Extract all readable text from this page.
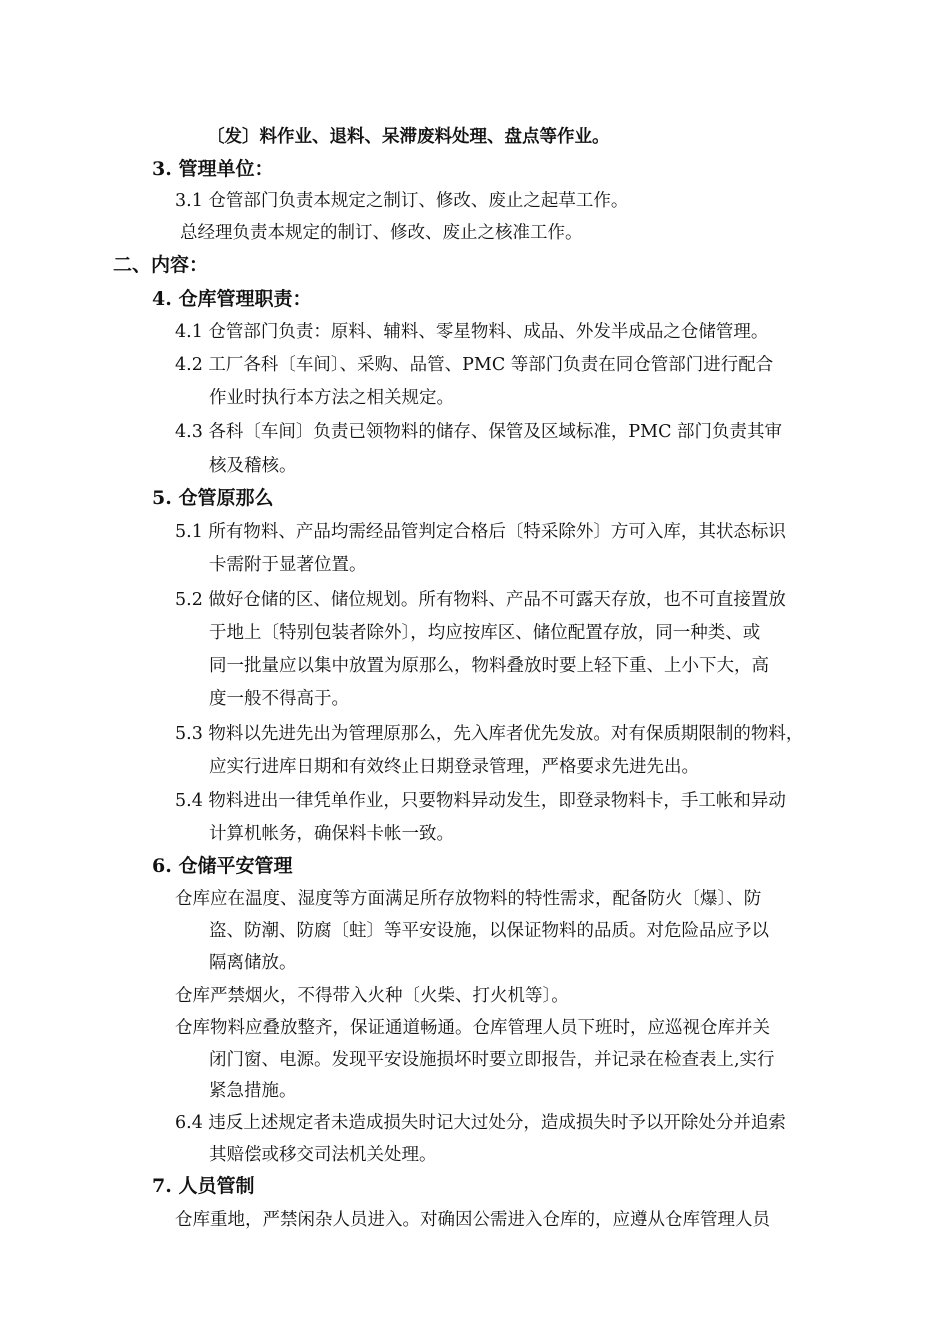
〔发〕料作业、退料、呆滞废料处理、盘点等作业。
3. 管理单位：
3.1 仓管部门负责本规定之制订、修改、废止之起草工作。
总经理负责本规定的制订、修改、废止之核准工作。
二、内容：
4. 仓库管理职责：
4.1 仓管部门负责：原料、辅料、零星物料、成品、外发半成品之仓储管理。
4.2 工厂各科〔车间〕、采购、品管、PMC 等部门负责在同仓管部门进行配合
作业时执行本方法之相关规定。
4.3 各科〔车间〕负责已领物料的储存、保管及区域标准，PMC 部门负责其审
核及稽核。
5. 仓管原那么
5.1 所有物料、产品均需经品管判定合格后〔特采除外〕方可入库，其状态标识
卡需附于显著位置。
5.2 做好仓储的区、储位规划。所有物料、产品不可露天存放，也不可直接置放
于地上〔特别包装者除外〕，均应按库区、储位配置存放，同一种类、或
同一批量应以集中放置为原那么，物料叠放时要上轻下重、上小下大，高
度一般不得高于。
5.3 物料以先进先出为管理原那么，先入库者优先发放。对有保质期限制的物料，
应实行进库日期和有效终止日期登录管理，严格要求先进先出。
5.4 物料进出一律凭单作业，只要物料异动发生，即登录物料卡，手工帐和异动
计算机帐务，确保料卡帐一致。
6. 仓储平安管理
仓库应在温度、湿度等方面满足所存放物料的特性需求，配备防火〔爆〕、防
盗、防潮、防腐〔蛀〕等平安设施，以保证物料的品质。对危险品应予以
隔离储放。
仓库严禁烟火，不得带入火种〔火柴、打火机等〕。
仓库物料应叠放整齐，保证通道畅通。仓库管理人员下班时，应巡视仓库并关
闭门窗、电源。发现平安设施损坏时要立即报告，并记录在检查表上,实行
紧急措施。
6.4 违反上述规定者未造成损失时记大过处分，造成损失时予以开除处分并追索
其赔偿或移交司法机关处理。
7. 人员管制
仓库重地，严禁闲杂人员进入。对确因公需进入仓库的，应遵从仓库管理人员
